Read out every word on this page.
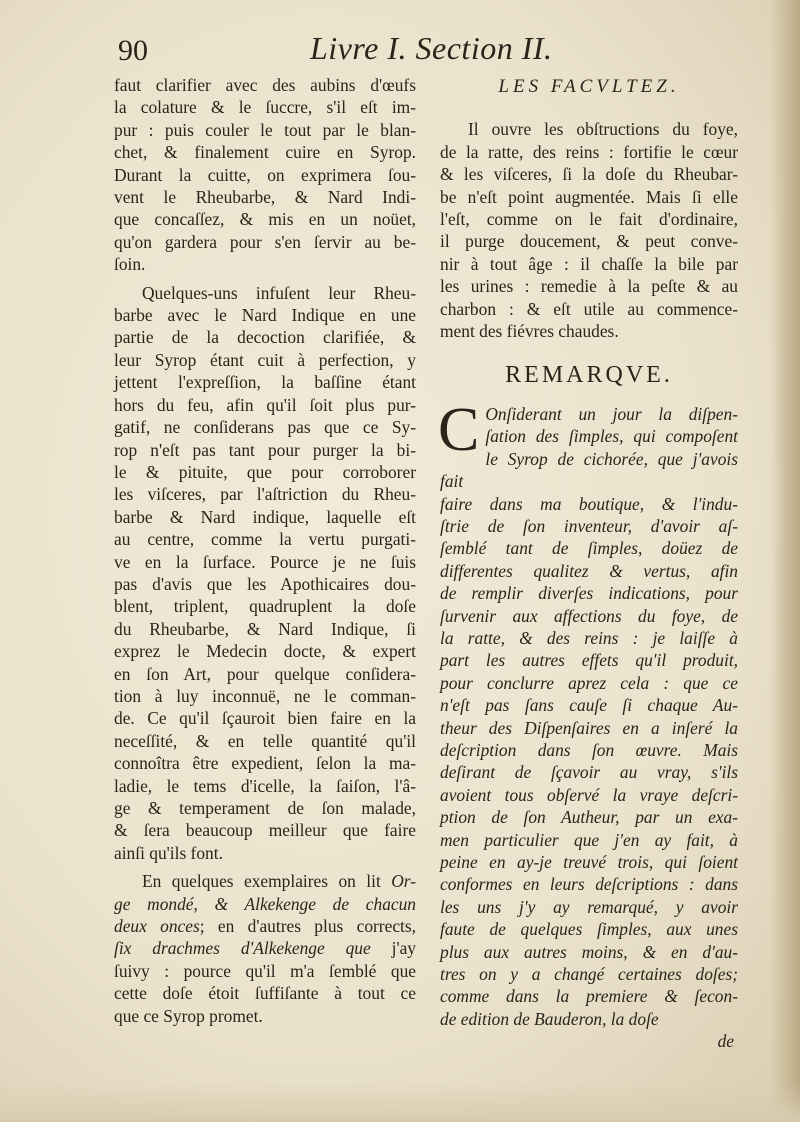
90	Livre I. Section II.
faut clarifier avec des aubins d'œufs
la colature & le ſuccre, s'il eſt im-
pur : puis couler le tout par le blan-
chet, & finalement cuire en Syrop.
Durant la cuitte, on exprimera ſou-
vent le Rheubarbe, & Nard Indi-
que concaſſez, & mis en un noüet,
qu'on gardera pour s'en ſervir au be-
ſoin.
Quelques-uns infuſent leur Rheu-
barbe avec le Nard Indique en une
partie de la decoction clarifiée, &
leur Syrop étant cuit à perfection, y
jettent l'expreſſion, la baſſine étant
hors du feu, afin qu'il ſoit plus pur-
gatif, ne conſiderans pas que ce Sy-
rop n'eſt pas tant pour purger la bi-
le & pituite, que pour corroborer
les viſceres, par l'aſtriction du Rheu-
barbe & Nard indique, laquelle eſt
au centre, comme la vertu purgati-
ve en la ſurface. Pource je ne ſuis
pas d'avis que les Apothicaires dou-
blent, triplent, quadruplent la doſe
du Rheubarbe, & Nard Indique, ſi
exprez le Medecin docte, & expert
en ſon Art, pour quelque conſidera-
tion à luy inconnuë, ne le comman-
de. Ce qu'il ſçauroit bien faire en la
neceſſité, & en telle quantité qu'il
connoîtra être expedient, ſelon la ma-
ladie, le tems d'icelle, la ſaiſon, l'â-
ge & temperament de ſon malade,
& ſera beaucoup meilleur que faire
ainſi qu'ils font.
En quelques exemplaires on lit Or-
ge mondé, & Alkekenge de chacun
deux onces; en d'autres plus corrects,
ſix drachmes d'Alkekenge que j'ay
ſuivy : pource qu'il m'a ſemblé que
cette doſe étoit ſuffiſante à tout ce
que ce Syrop promet.
LES FACVLTEZ.
Il ouvre les obſtructions du foye,
de la ratte, des reins : fortifie le cœur
& les viſceres, ſi la doſe du Rheubar-
be n'eſt point augmentée. Mais ſi elle
l'eſt, comme on le fait d'ordinaire,
il purge doucement, & peut conve-
nir à tout âge : il chaſſe la bile par
les urines : remedie à la peſte & au
charbon : & eſt utile au commence-
ment des fiévres chaudes.
REMARQVE.
C Onſiderant un jour la diſpen-
ſation des ſimples, qui compoſent
le Syrop de cichorée, que j'avois fait
faire dans ma boutique, & l'indu-
ſtrie de ſon inventeur, d'avoir aſ-
ſemblé tant de ſimples, doüez de
differentes qualitez & vertus, afin
de remplir diverſes indications, pour
ſurvenir aux affections du foye, de
la ratte, & des reins : je laiſſe à
part les autres effets qu'il produit,
pour conclurre aprez cela : que ce
n'eſt pas ſans cauſe ſi chaque Au-
theur des Diſpenſaires en a inſeré la
deſcription dans ſon œuvre. Mais
deſirant de ſçavoir au vray, s'ils
avoient tous obſervé la vraye deſcri-
ption de ſon Autheur, par un exa-
men particulier que j'en ay fait, à
peine en ay-je treuvé trois, qui ſoient
conformes en leurs deſcriptions : dans
les uns j'y ay remarqué, y avoir
faute de quelques ſimples, aux unes
plus aux autres moins, & en d'au-
tres on y a changé certaines doſes;
comme dans la premiere & ſecon-
de edition de Bauderon, la doſe
de
